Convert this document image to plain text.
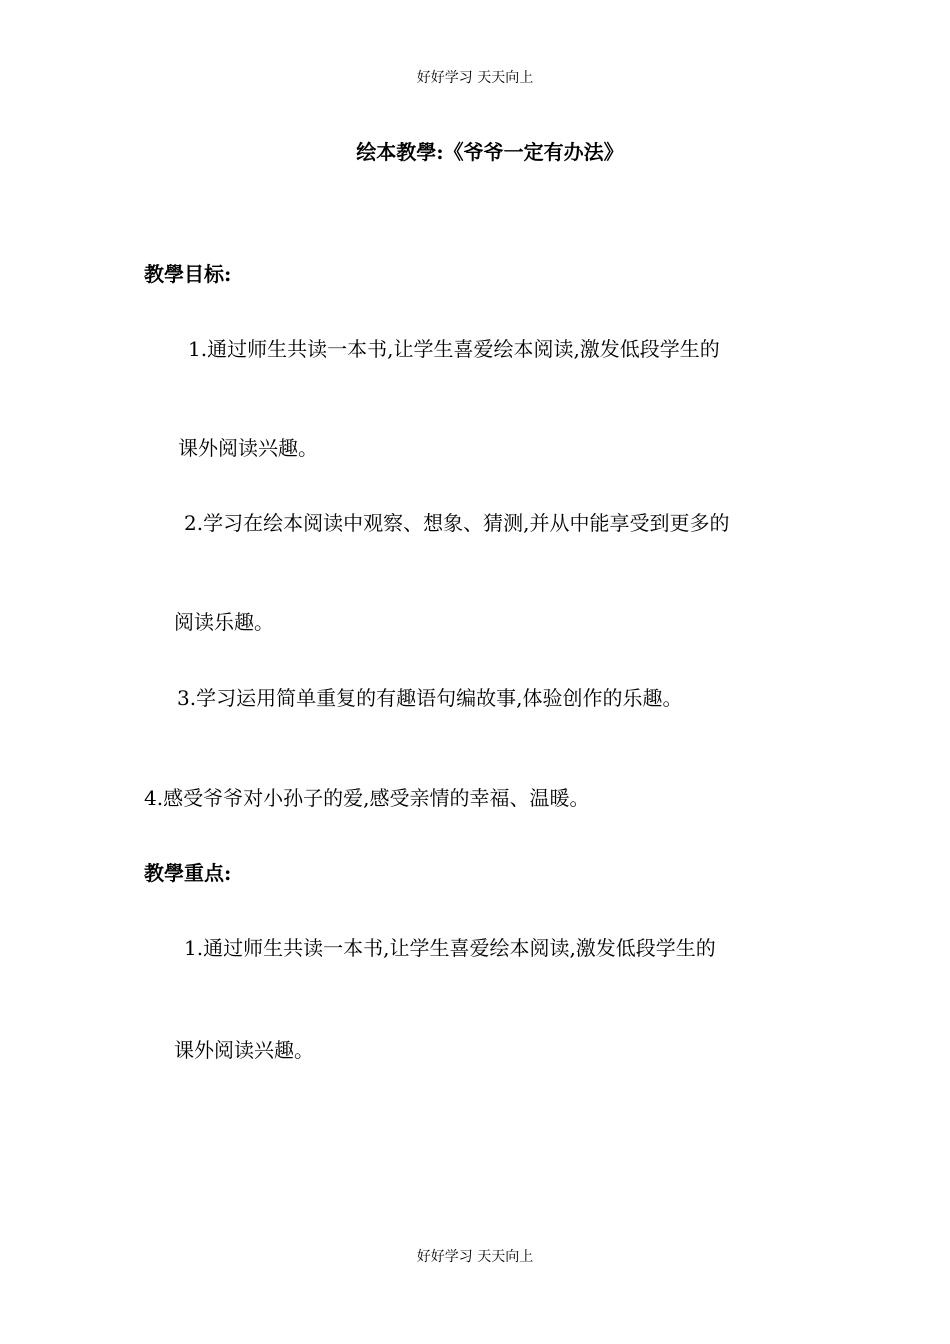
好好学习 天天向上
绘本教學:《爷爷一定有办法》
教學目标:
1.通过师生共读一本书,让学生喜爱绘本阅读,激发低段学生的
课外阅读兴趣。
2.学习在绘本阅读中观察、想象、猜测,并从中能享受到更多的
阅读乐趣。
3.学习运用简单重复的有趣语句编故事,体验创作的乐趣。
4.感受爷爷对小孙子的爱,感受亲情的幸福、温暖。
教學重点:
1.通过师生共读一本书,让学生喜爱绘本阅读,激发低段学生的
课外阅读兴趣。
好好学习 天天向上
